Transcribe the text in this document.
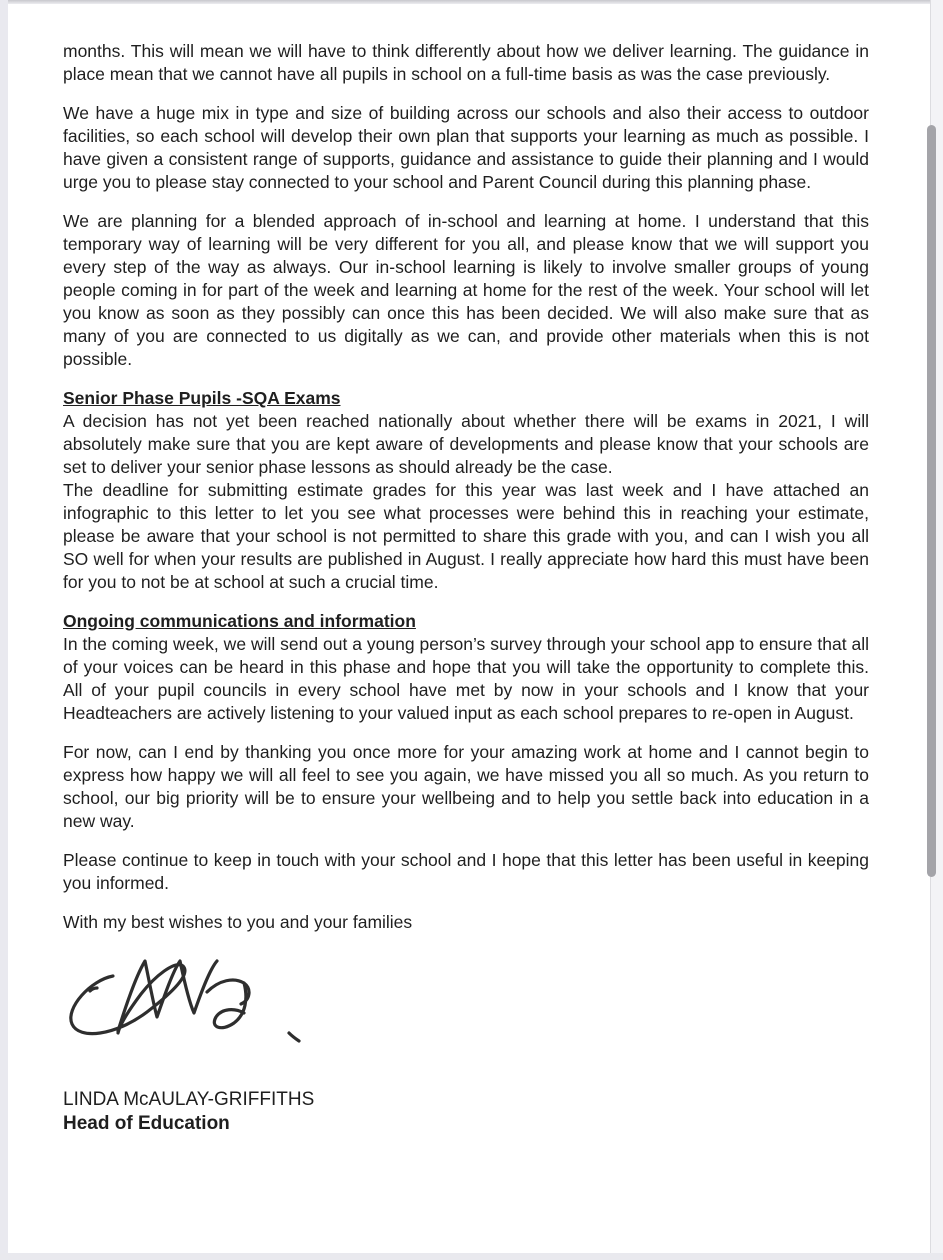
months. This will mean we will have to think differently about how we deliver learning. The guidance in place mean that we cannot have all pupils in school on a full-time basis as was the case previously.

We have a huge mix in type and size of building across our schools and also their access to outdoor facilities, so each school will develop their own plan that supports your learning as much as possible. I have given a consistent range of supports, guidance and assistance to guide their planning and I would urge you to please stay connected to your school and Parent Council during this planning phase.

We are planning for a blended approach of in-school and learning at home. I understand that this temporary way of learning will be very different for you all, and please know that we will support you every step of the way as always. Our in-school learning is likely to involve smaller groups of young people coming in for part of the week and learning at home for the rest of the week. Your school will let you know as soon as they possibly can once this has been decided. We will also make sure that as many of you are connected to us digitally as we can, and provide other materials when this is not possible.

Senior Phase Pupils -SQA Exams

A decision has not yet been reached nationally about whether there will be exams in 2021, I will absolutely make sure that you are kept aware of developments and please know that your schools are set to deliver your senior phase lessons as should already be the case.

The deadline for submitting estimate grades for this year was last week and I have attached an infographic to this letter to let you see what processes were behind this in reaching your estimate, please be aware that your school is not permitted to share this grade with you, and can I wish you all SO well for when your results are published in August. I really appreciate how hard this must have been for you to not be at school at such a crucial time.

Ongoing communications and information

In the coming week, we will send out a young person’s survey through your school app to ensure that all of your voices can be heard in this phase and hope that you will take the opportunity to complete this. All of your pupil councils in every school have met by now in your schools and I know that your Headteachers are actively listening to your valued input as each school prepares to re-open in August.

For now, can I end by thanking you once more for your amazing work at home and I cannot begin to express how happy we will all feel to see you again, we have missed you all so much. As you return to school, our big priority will be to ensure your wellbeing and to help you settle back into education in a new way.

Please continue to keep in touch with your school and I hope that this letter has been useful in keeping you informed.

With my best wishes to you and your families

LINDA McAULAY-GRIFFITHS

Head of Education
